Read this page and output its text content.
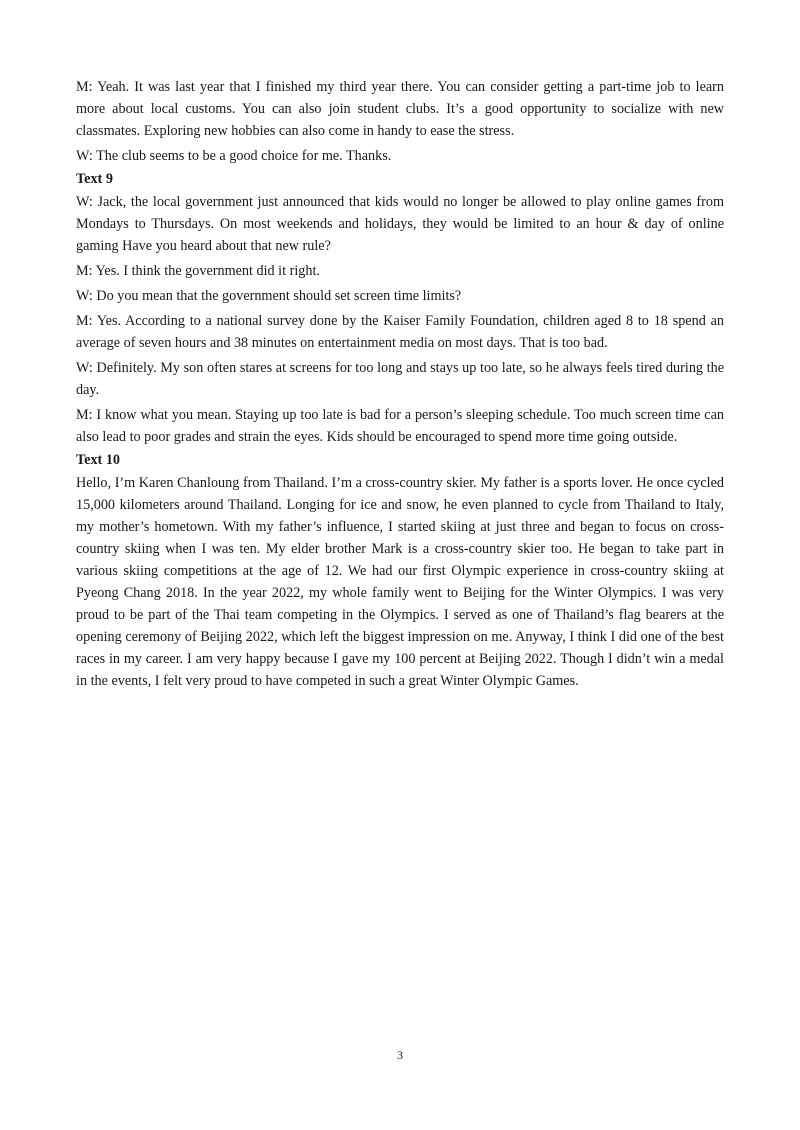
M: Yeah. It was last year that I finished my third year there. You can consider getting a part-time job to learn more about local customs. You can also join student clubs. It’s a good opportunity to socialize with new classmates. Exploring new hobbies can also come in handy to ease the stress.

W: The club seems to be a good choice for me. Thanks.

Text 9

W: Jack, the local government just announced that kids would no longer be allowed to play online games from Mondays to Thursdays. On most weekends and holidays, they would be limited to an hour & day of online gaming Have you heard about that new rule?

M: Yes. I think the government did it right.

W: Do you mean that the government should set screen time limits?

M: Yes. According to a national survey done by the Kaiser Family Foundation, children aged 8 to 18 spend an average of seven hours and 38 minutes on entertainment media on most days. That is too bad.

W: Definitely. My son often stares at screens for too long and stays up too late, so he always feels tired during the day.

M: I know what you mean. Staying up too late is bad for a person’s sleeping schedule. Too much screen time can also lead to poor grades and strain the eyes. Kids should be encouraged to spend more time going outside.

Text 10

Hello, I’m Karen Chanloung from Thailand. I’m a cross-country skier. My father is a sports lover. He once cycled 15,000 kilometers around Thailand. Longing for ice and snow, he even planned to cycle from Thailand to Italy, my mother’s hometown. With my father’s influence, I started skiing at just three and began to focus on cross-country skiing when I was ten. My elder brother Mark is a cross-country skier too. He began to take part in various skiing competitions at the age of 12. We had our first Olympic experience in cross-country skiing at Pyeong Chang 2018. In the year 2022, my whole family went to Beijing for the Winter Olympics. I was very proud to be part of the Thai team competing in the Olympics. I served as one of Thailand’s flag bearers at the opening ceremony of Beijing 2022, which left the biggest impression on me. Anyway, I think I did one of the best races in my career. I am very happy because I gave my 100 percent at Beijing 2022. Though I didn’t win a medal in the events, I felt very proud to have competed in such a great Winter Olympic Games.

3
